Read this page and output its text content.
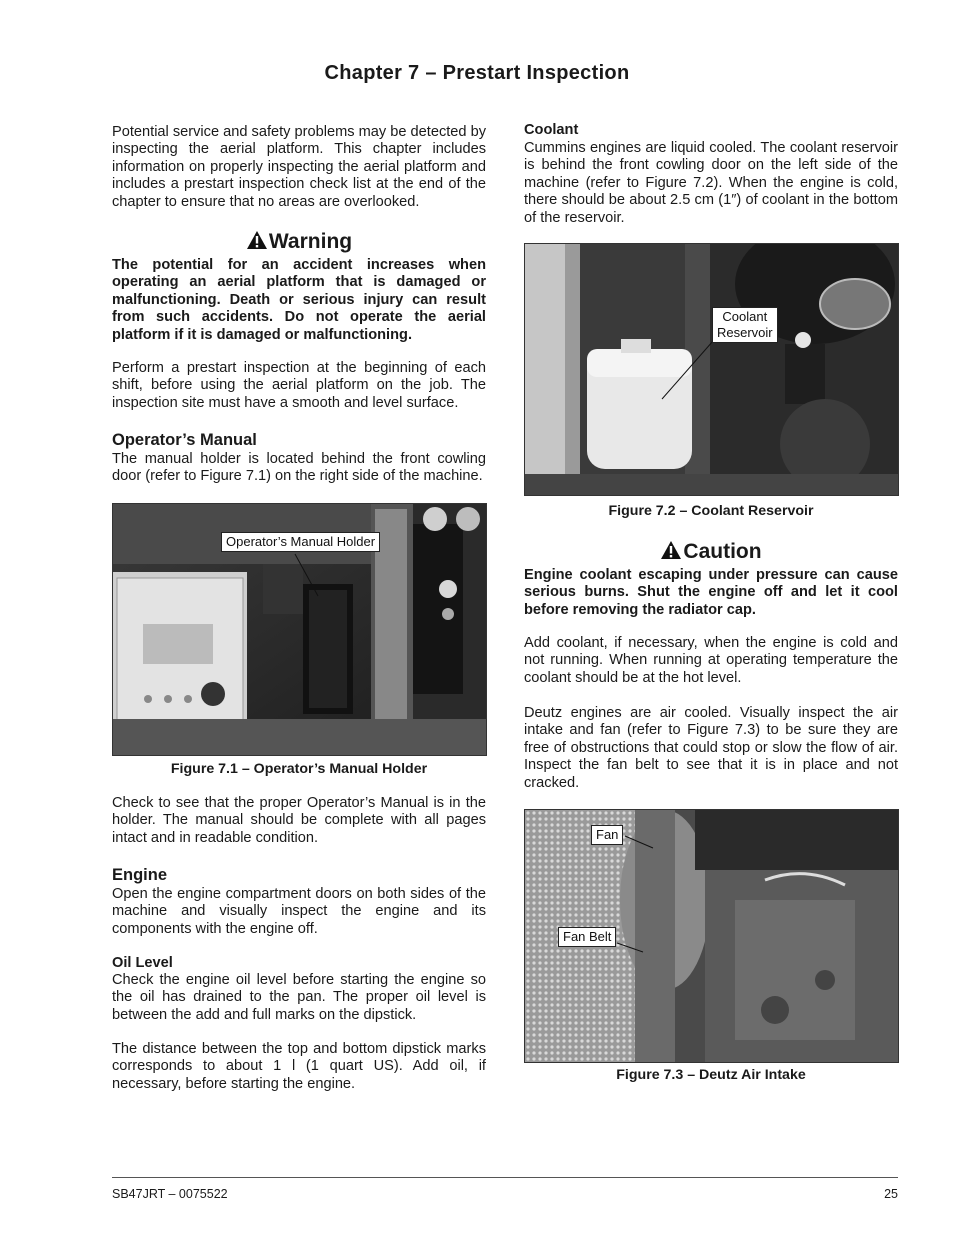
Chapter 7 – Prestart Inspection

Potential service and safety problems may be detected by inspecting the aerial platform. This chapter includes information on properly inspecting the aerial platform and includes a prestart inspection check list at the end of the chapter to ensure that no areas are overlooked.

Warning

The potential for an accident increases when operating an aerial platform that is damaged or malfunctioning. Death or serious injury can result from such accidents. Do not operate the aerial platform if it is damaged or malfunctioning.

Perform a prestart inspection at the beginning of each shift, before using the aerial platform on the job. The inspection site must have a smooth and level surface.

Operator’s Manual

The manual holder is located behind the front cowling door (refer to Figure 7.1) on the right side of the machine.

Operator’s Manual Holder
Figure 7.1 – Operator’s Manual Holder

Check to see that the proper Operator’s Manual is in the holder. The manual should be complete with all pages intact and in readable condition.

Engine

Open the engine compartment doors on both sides of the machine and visually inspect the engine and its components with the engine off.

Oil Level

Check the engine oil level before starting the engine so the oil has drained to the pan. The proper oil level is between the add and full marks on the dipstick.

The distance between the top and bottom dipstick marks corresponds to about 1 l (1 quart US). Add oil, if necessary, before starting the engine.

Coolant

Cummins engines are liquid cooled. The coolant reservoir is behind the front cowling door on the left side of the machine (refer to Figure 7.2). When the engine is cold, there should be about 2.5 cm (1″) of coolant in the bottom of the reservoir.

Coolant
Reservoir
Figure 7.2 – Coolant Reservoir
Caution

Engine coolant escaping under pressure can cause serious burns. Shut the engine off and let it cool before removing the radiator cap.

Add coolant, if necessary, when the engine is cold and not running. When running at operating temperature the coolant should be at the hot level.

Deutz engines are air cooled. Visually inspect the air intake and fan (refer to Figure 7.3) to be sure they are free of obstructions that could stop or slow the flow of air. Inspect the fan belt to see that it is in place and not cracked.

Fan
Fan Belt
Figure 7.3 – Deutz Air Intake
SB47JRT – 0075522	25
